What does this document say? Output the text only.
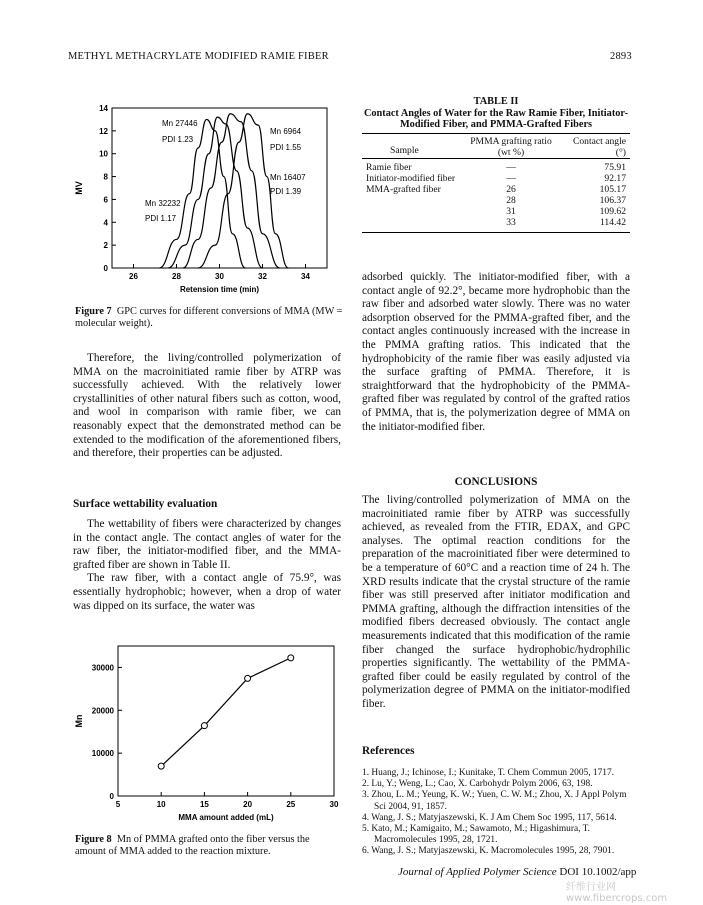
METHYL METHACRYLATE MODIFIED RAMIE FIBER	2893
26	28	30	32	34
0
2
4
6
8
10
12
14
Retension time (min)
MV
Mn 27446
PDI 1.23
Mn 6964
PDI 1.55
Mn 16407
PDI 1.39
Mn 32232
PDI 1.17
Figure 7 GPC curves for different conversions of MMA (MW = molecular weight).

Therefore, the living/controlled polymerization of MMA on the macroinitiated ramie fiber by ATRP was successfully achieved. With the relatively lower crystallinities of other natural fibers such as cotton, wood, and wool in comparison with ramie fiber, we can reasonably expect that the demonstrated method can be extended to the modification of the aforementioned fibers, and therefore, their properties can be adjusted.

Surface wettability evaluation

The wettability of fibers were characterized by changes in the contact angle. The contact angles of water for the raw fiber, the initiator-modified fiber, and the MMA-grafted fiber are shown in Table II.

The raw fiber, with a contact angle of 75.9°, was essentially hydrophobic; however, when a drop of water was dipped on its surface, the water was

5	10	15	20	25	30
0
10000
20000
30000
MMA amount added (mL)
Mn
Figure 8 Mn of PMMA grafted onto the fiber versus the amount of MMA added to the reaction mixture.
TABLE II
Contact Angles of Water for the Raw Ramie Fiber, Initiator-Modified Fiber, and PMMA-Grafted Fibers
Sample	PMMA grafting ratio (wt %)	Contact angle (°)
Ramie fiber	—	75.91
Initiator-modified fiber	—	92.17
MMA-grafted fiber	26	105.17
	28	106.37
	31	109.62
	33	114.42

adsorbed quickly. The initiator-modified fiber, with a contact angle of 92.2°, became more hydrophobic than the raw fiber and adsorbed water slowly. There was no water adsorption observed for the PMMA-grafted fiber, and the contact angles continuously increased with the increase in the PMMA grafting ratios. This indicated that the hydrophobicity of the ramie fiber was easily adjusted via the surface grafting of PMMA. Therefore, it is straightforward that the hydrophobicity of the PMMA-grafted fiber was regulated by control of the grafted ratios of PMMA, that is, the polymerization degree of MMA on the initiator-modified fiber.

CONCLUSIONS

The living/controlled polymerization of MMA on the macroinitiated ramie fiber by ATRP was successfully achieved, as revealed from the FTIR, EDAX, and GPC analyses. The optimal reaction conditions for the preparation of the macroinitiated fiber were determined to be a temperature of 60°C and a reaction time of 24 h. The XRD results indicate that the crystal structure of the ramie fiber was still preserved after initiator modification and PMMA grafting, although the diffraction intensities of the modified fibers decreased obviously. The contact angle measurements indicated that this modification of the ramie fiber changed the surface hydrophobic/hydrophilic properties significantly. The wettability of the PMMA-grafted fiber could be easily regulated by control of the polymerization degree of PMMA on the initiator-modified fiber.

References
1. Huang, J.; Ichinose, I.; Kunitake, T. Chem Commun 2005, 1717.
2. Lu, Y.; Weng, L.; Cao, X. Carbohydr Polym 2006, 63, 198.
3. Zhou, L. M.; Yeung, K. W.; Yuen, C. W. M.; Zhou, X. J Appl Polym Sci 2004, 91, 1857.
4. Wang, J. S.; Matyjaszewski, K. J Am Chem Soc 1995, 117, 5614.
5. Kato, M.; Kamigaito, M.; Sawamoto, M.; Higashimura, T. Macromolecules 1995, 28, 1721.
6. Wang, J. S.; Matyjaszewski, K. Macromolecules 1995, 28, 7901.
Journal of Applied Polymer Science DOI 10.1002/app
纤维行业网 www.fibercrops.com
